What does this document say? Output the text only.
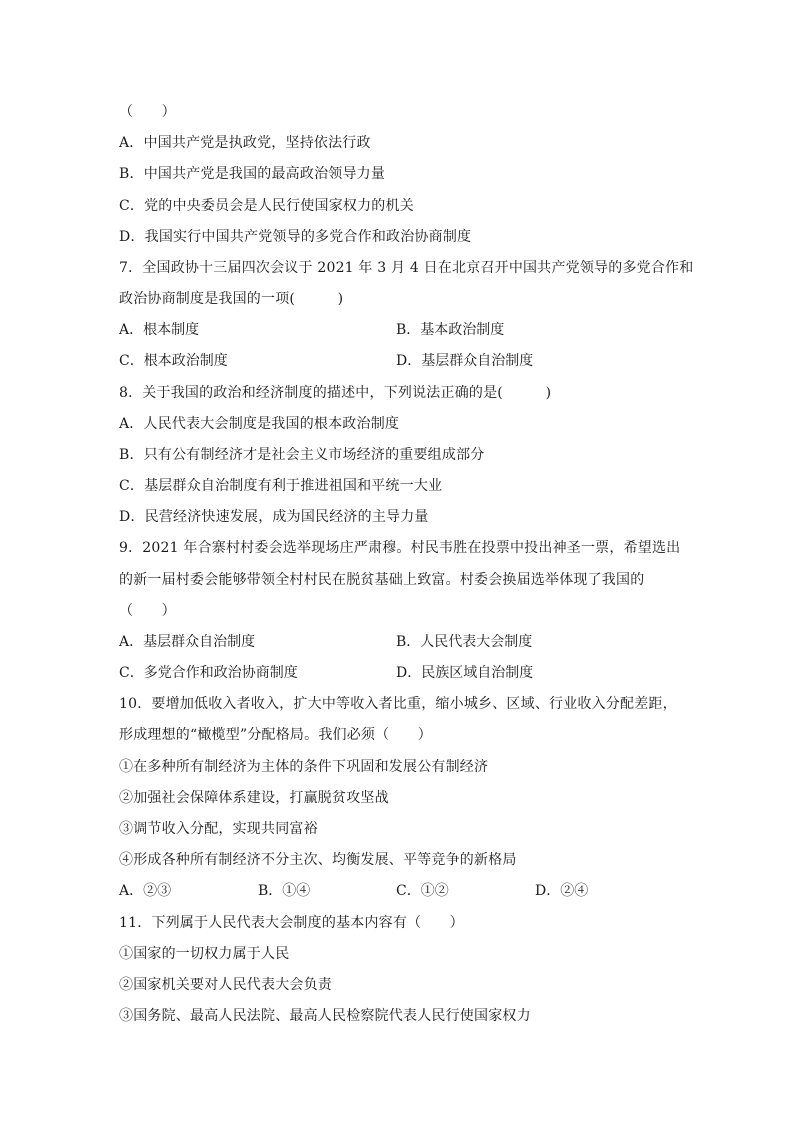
（　　）
A．中国共产党是执政党，坚持依法行政
B．中国共产党是我国的最高政治领导力量
C．党的中央委员会是人民行使国家权力的机关
D．我国实行中国共产党领导的多党合作和政治协商制度
7．全国政协十三届四次会议于 2021 年 3 月 4 日在北京召开中国共产党领导的多党合作和
政治协商制度是我国的一项(　　　)
A．根本制度	B．基本政治制度
C．根本政治制度	D．基层群众自治制度
8．关于我国的政治和经济制度的描述中，下列说法正确的是(　　　)
A．人民代表大会制度是我国的根本政治制度
B．只有公有制经济才是社会主义市场经济的重要组成部分
C．基层群众自治制度有利于推进祖国和平统一大业
D．民营经济快速发展，成为国民经济的主导力量
9．2021 年合寨村村委会选举现场庄严肃穆。村民韦胜在投票中投出神圣一票，希望选出
的新一届村委会能够带领全村村民在脱贫基础上致富。村委会换届选举体现了我国的
（　　）
A．基层群众自治制度	B．人民代表大会制度
C．多党合作和政治协商制度	D．民族区域自治制度
10．要增加低收入者收入，扩大中等收入者比重，缩小城乡、区域、行业收入分配差距，
形成理想的“橄榄型”分配格局。我们必须（　　）
①在多种所有制经济为主体的条件下巩固和发展公有制经济
②加强社会保障体系建设，打赢脱贫攻坚战
③调节收入分配，实现共同富裕
④形成各种所有制经济不分主次、均衡发展、平等竞争的新格局
A．②③	B．①④	C．①②	D．②④
11．下列属于人民代表大会制度的基本内容有（　　）
①国家的一切权力属于人民
②国家机关要对人民代表大会负责
③国务院、最高人民法院、最高人民检察院代表人民行使国家权力
